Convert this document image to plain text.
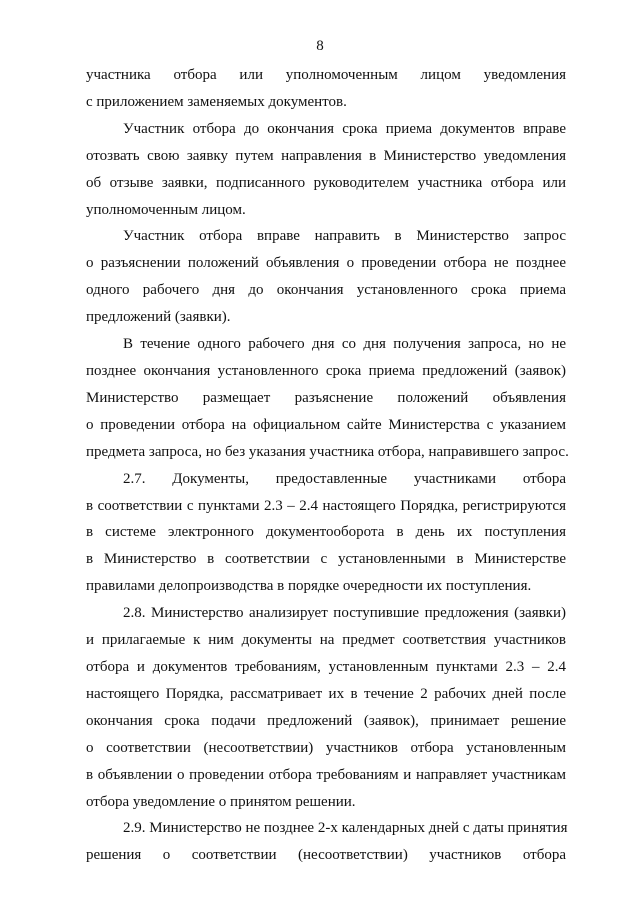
8
участника отбора или уполномоченным лицом уведомления
с приложением заменяемых документов.
Участник отбора до окончания срока приема документов вправе
отозвать свою заявку путем направления в Министерство уведомления
об отзыве заявки, подписанного руководителем участника отбора или
уполномоченным лицом.
Участник отбора вправе направить в Министерство запрос
о разъяснении положений объявления о проведении отбора не позднее
одного рабочего дня до окончания установленного срока приема
предложений (заявки).
В течение одного рабочего дня со дня получения запроса, но не
позднее окончания установленного срока приема предложений (заявок)
Министерство размещает разъяснение положений объявления
о проведении отбора на официальном сайте Министерства с указанием
предмета запроса, но без указания участника отбора, направившего запрос.
2.7. Документы, предоставленные участниками отбора
в соответствии с пунктами 2.3 – 2.4 настоящего Порядка, регистрируются
в системе электронного документооборота в день их поступления
в Министерство в соответствии с установленными в Министерстве
правилами делопроизводства в порядке очередности их поступления.
2.8. Министерство анализирует поступившие предложения (заявки)
и прилагаемые к ним документы на предмет соответствия участников
отбора и документов требованиям, установленным пунктами 2.3 – 2.4
настоящего Порядка, рассматривает их в течение 2 рабочих дней после
окончания срока подачи предложений (заявок), принимает решение
о соответствии (несоответствии) участников отбора установленным
в объявлении о проведении отбора требованиям и направляет участникам
отбора уведомление о принятом решении.
2.9. Министерство не позднее 2-х календарных дней с даты принятия
решения о соответствии (несоответствии) участников отбора
